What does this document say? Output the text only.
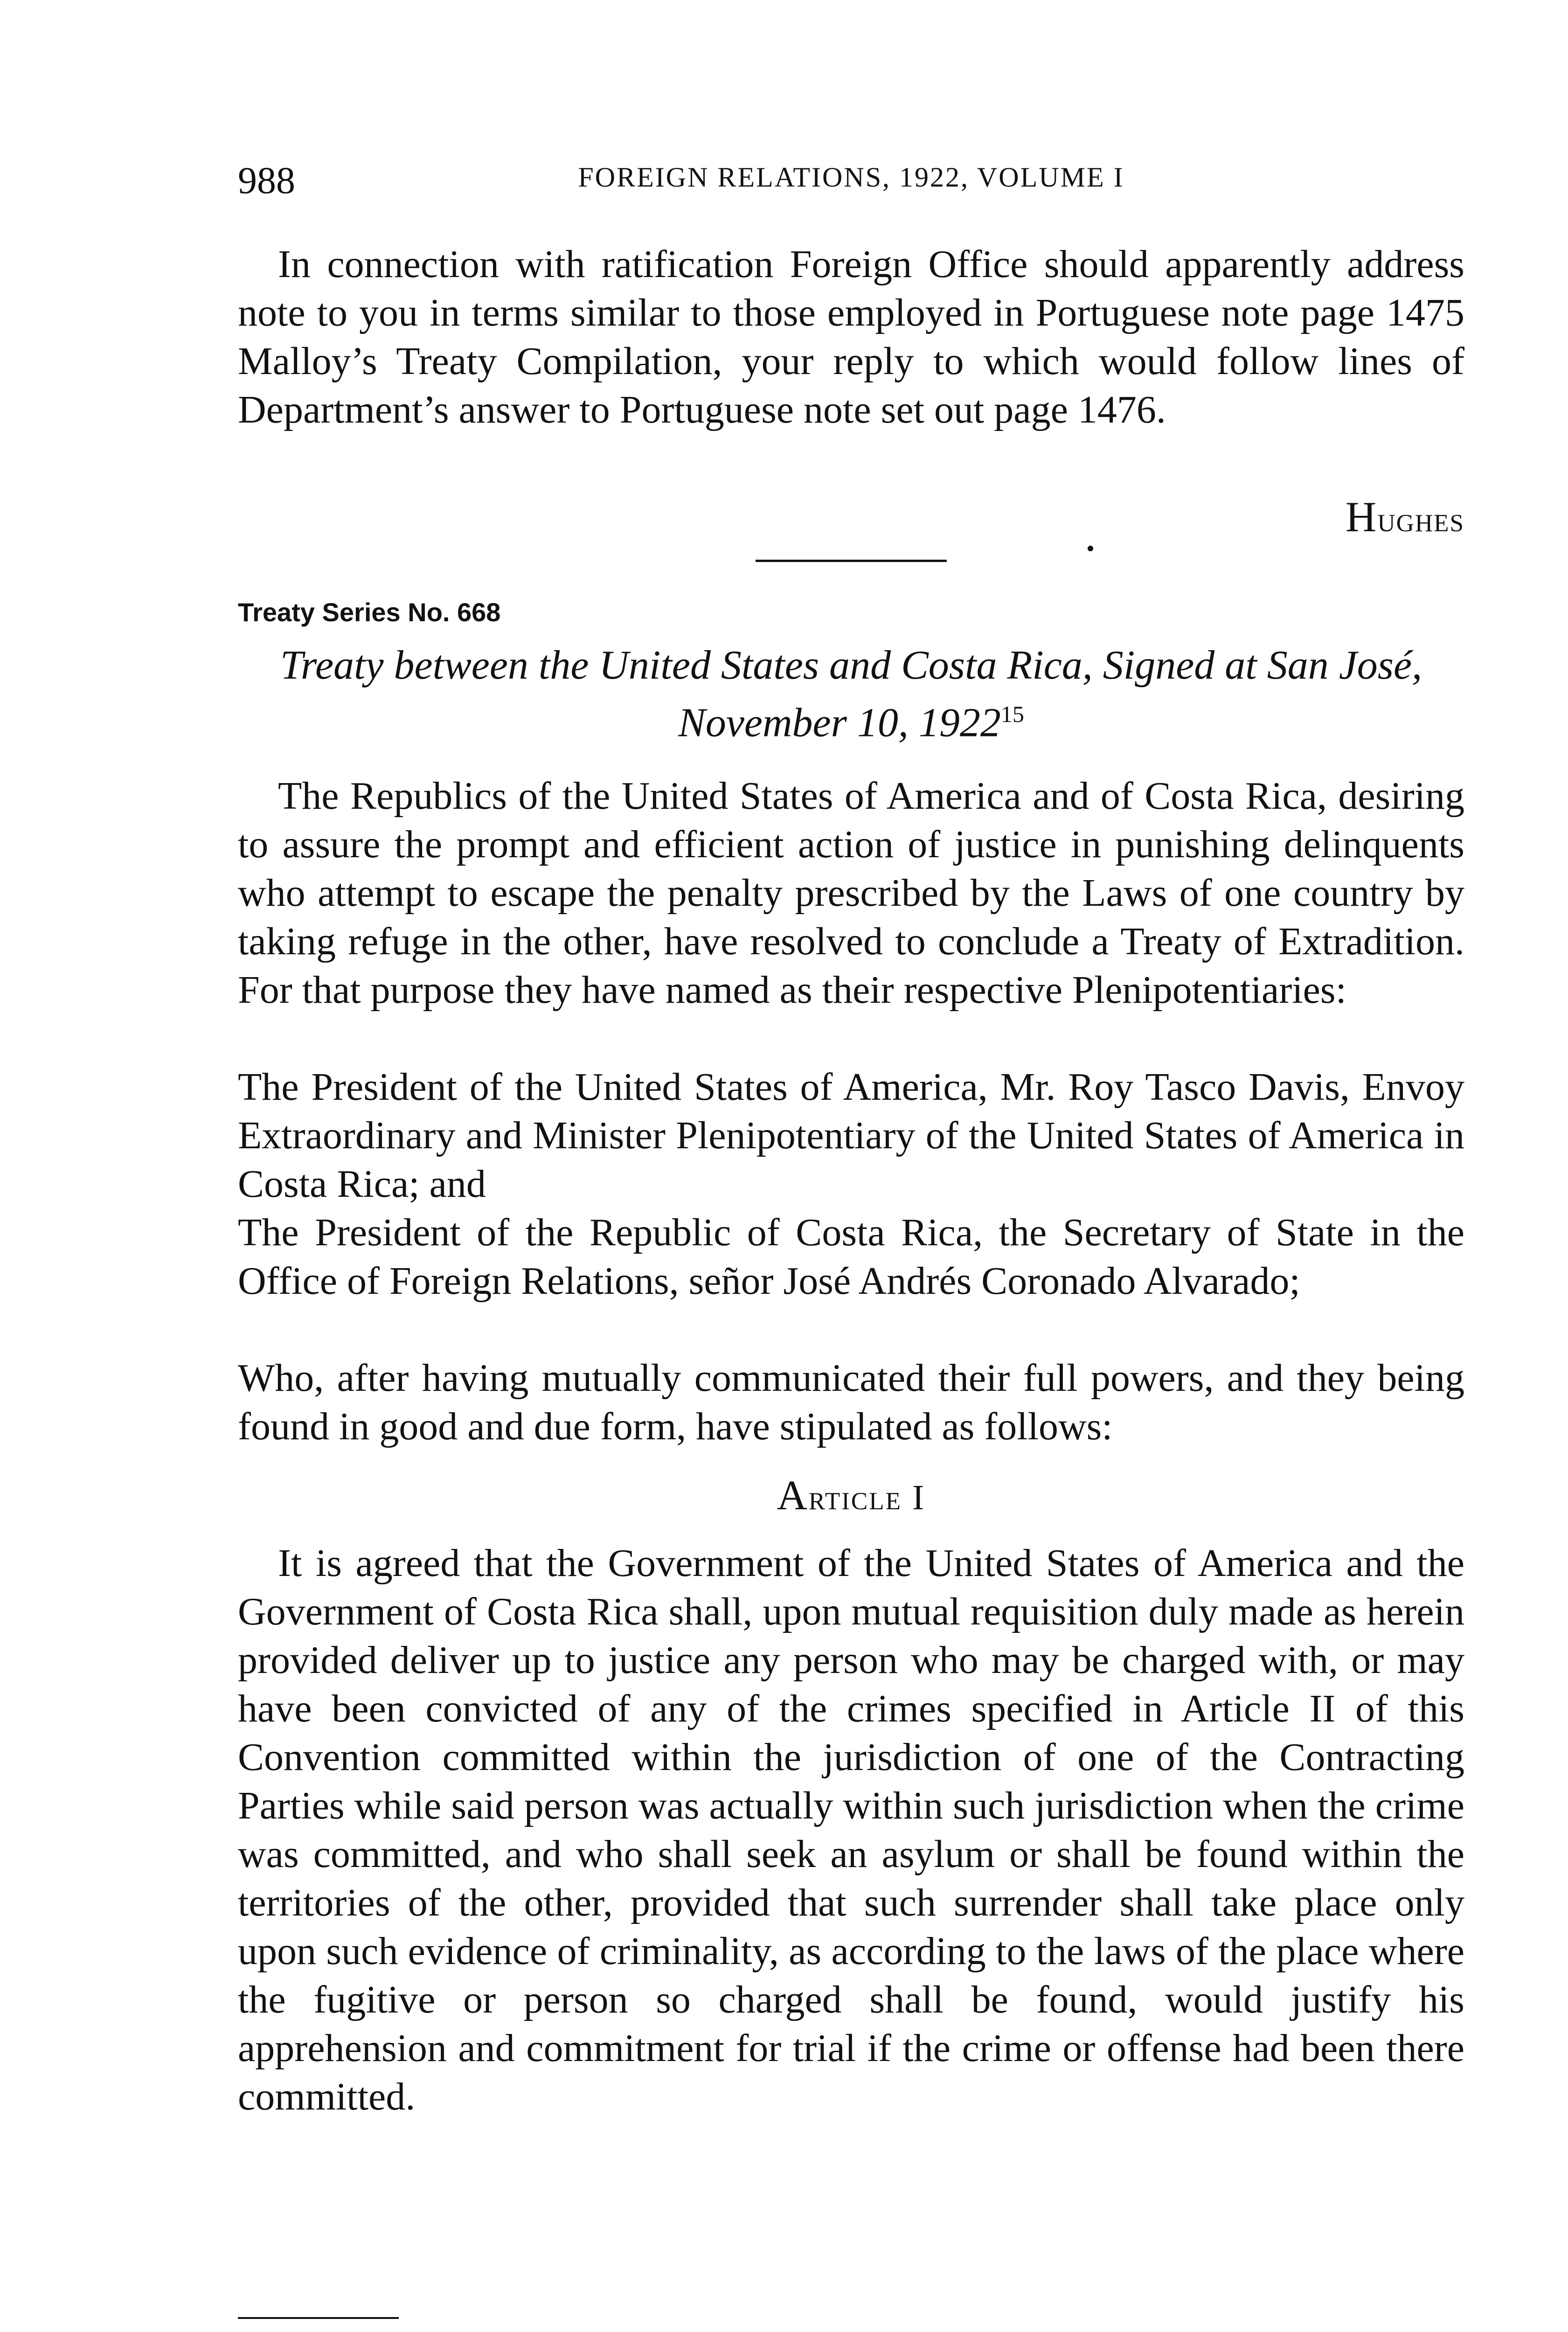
988	FOREIGN RELATIONS, 1922, VOLUME I

In connection with ratification Foreign Office should apparently address note to you in terms similar to those employed in Portuguese note page 1475 Malloy’s Treaty Compilation, your reply to which would follow lines of Department’s answer to Portuguese note set out page 1476.

Hughes
Treaty Series No. 668
Treaty between the United States and Costa Rica, Signed at San José, November 10, 1922$^{15}$

The Republics of the United States of America and of Costa Rica, desiring to assure the prompt and efficient action of justice in punishing delinquents who attempt to escape the penalty prescribed by the Laws of one country by taking refuge in the other, have resolved to conclude a Treaty of Extradition. For that purpose they have named as their respective Plenipotentiaries:

The President of the United States of America, Mr. Roy Tasco Davis, Envoy Extraordinary and Minister Plenipotentiary of the United States of America in Costa Rica; and

The President of the Republic of Costa Rica, the Secretary of State in the Office of Foreign Relations, señor José Andrés Coronado Alvarado;

Who, after having mutually communicated their full powers, and they being found in good and due form, have stipulated as follows:

Article I

It is agreed that the Government of the United States of America and the Government of Costa Rica shall, upon mutual requisition duly made as herein provided deliver up to justice any person who may be charged with, or may have been convicted of any of the crimes specified in Article II of this Convention committed within the jurisdiction of one of the Contracting Parties while said person was actually within such jurisdiction when the crime was committed, and who shall seek an asylum or shall be found within the territories of the other, provided that such surrender shall take place only upon such evidence of criminality, as according to the laws of the place where the fugitive or person so charged shall be found, would justify his apprehension and commitment for trial if the crime or offense had been there committed.
